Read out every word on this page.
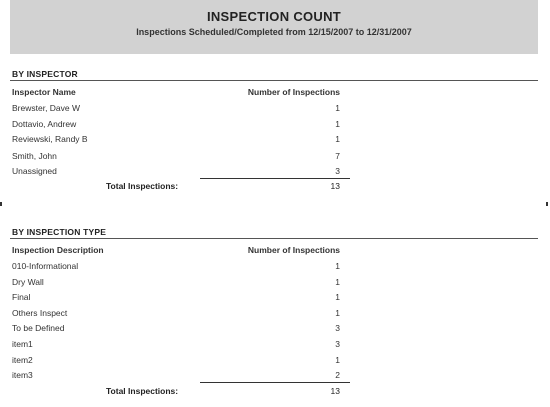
INSPECTION COUNT
Inspections Scheduled/Completed from 12/15/2007 to 12/31/2007
BY INSPECTOR
Inspector Name	Number of Inspections
Brewster, Dave W	1
Dottavio, Andrew	1
Reviewski, Randy B	1
Smith, John	7
Unassigned	3
Total Inspections:	13
BY INSPECTION TYPE
Inspection Description	Number of Inspections
010-Informational	1
Dry Wall	1
Final	1
Others Inspect	1
To be Defined	3
item1	3
item2	1
item3	2
Total Inspections:	13
